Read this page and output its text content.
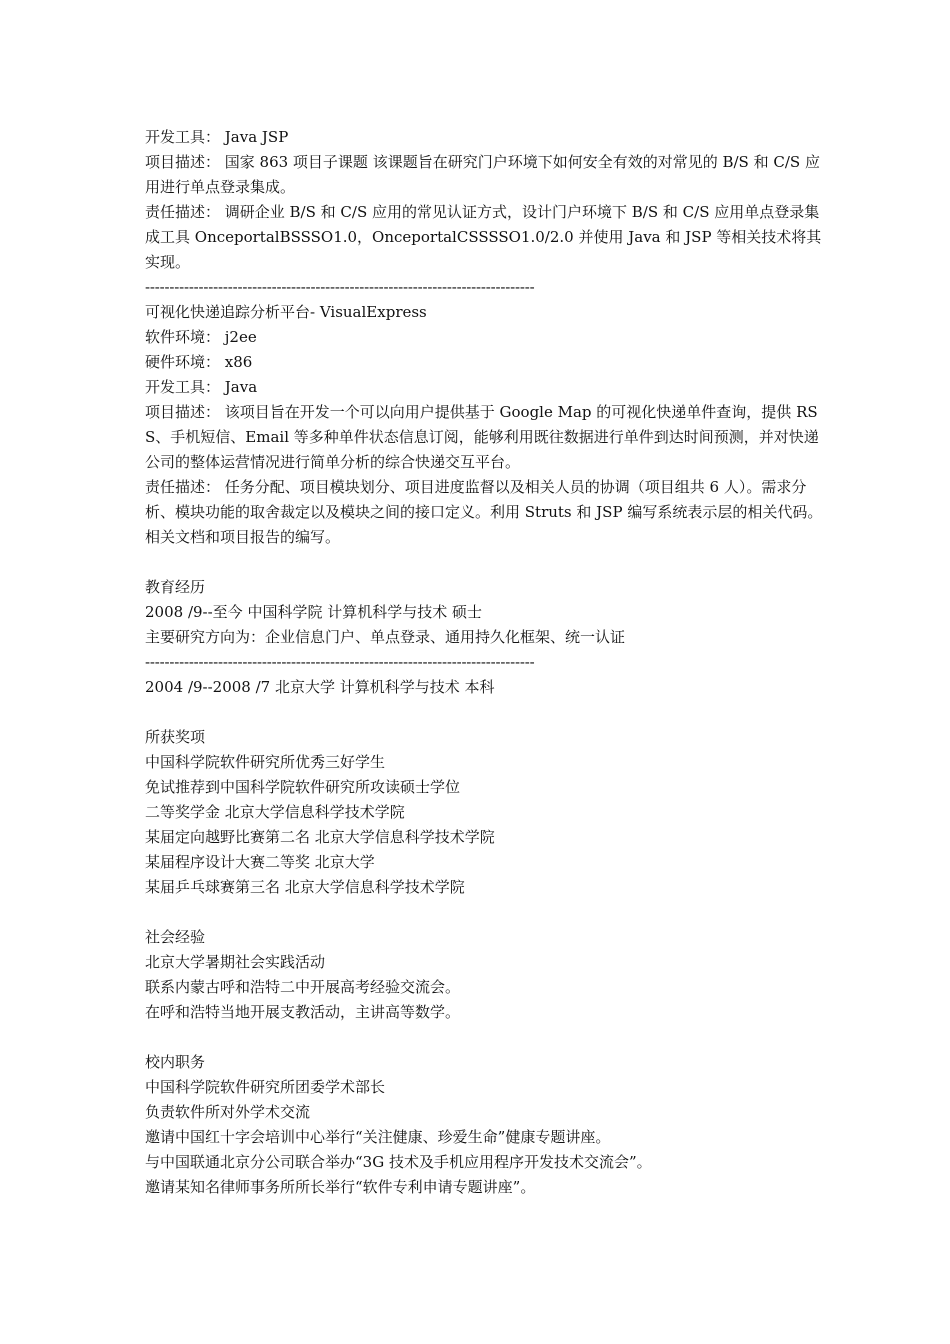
开发工具： Java JSP
项目描述： 国家 863 项目子课题 该课题旨在研究门户环境下如何安全有效的对常见的 B/S 和 C/S 应用进行单点登录集成。
责任描述： 调研企业 B/S 和 C/S 应用的常见认证方式，设计门户环境下 B/S 和 C/S 应用单点登录集成工具 OnceportalBSSSO1.0，OnceportalCSSSSO1.0/2.0 并使用 Java 和 JSP 等相关技术将其实现。
--------------------------------------------------------------------------------
可视化快递追踪分析平台- VisualExpress
软件环境： j2ee
硬件环境： x86
开发工具： Java
项目描述： 该项目旨在开发一个可以向用户提供基于 Google Map 的可视化快递单件查询，提供 RSS、手机短信、Email 等多种单件状态信息订阅，能够利用既往数据进行单件到达时间预测，并对快递公司的整体运营情况进行简单分析的综合快递交互平台。
责任描述： 任务分配、项目模块划分、项目进度监督以及相关人员的协调（项目组共 6 人）。需求分析、模块功能的取舍裁定以及模块之间的接口定义。利用 Struts 和 JSP 编写系统表示层的相关代码。相关文档和项目报告的编写。
教育经历
2008 /9--至今 中国科学院 计算机科学与技术 硕士
主要研究方向为：企业信息门户、单点登录、通用持久化框架、统一认证
--------------------------------------------------------------------------------
2004 /9--2008 /7 北京大学 计算机科学与技术 本科
所获奖项
中国科学院软件研究所优秀三好学生
免试推荐到中国科学院软件研究所攻读硕士学位
二等奖学金 北京大学信息科学技术学院
某届定向越野比赛第二名 北京大学信息科学技术学院
某届程序设计大赛二等奖 北京大学
某届乒乓球赛第三名 北京大学信息科学技术学院
社会经验
北京大学暑期社会实践活动
联系内蒙古呼和浩特二中开展高考经验交流会。
在呼和浩特当地开展支教活动，主讲高等数学。
校内职务
中国科学院软件研究所团委学术部长
负责软件所对外学术交流
邀请中国红十字会培训中心举行“关注健康、珍爱生命”健康专题讲座。
与中国联通北京分公司联合举办“3G 技术及手机应用程序开发技术交流会”。
邀请某知名律师事务所所长举行“软件专利申请专题讲座”。
